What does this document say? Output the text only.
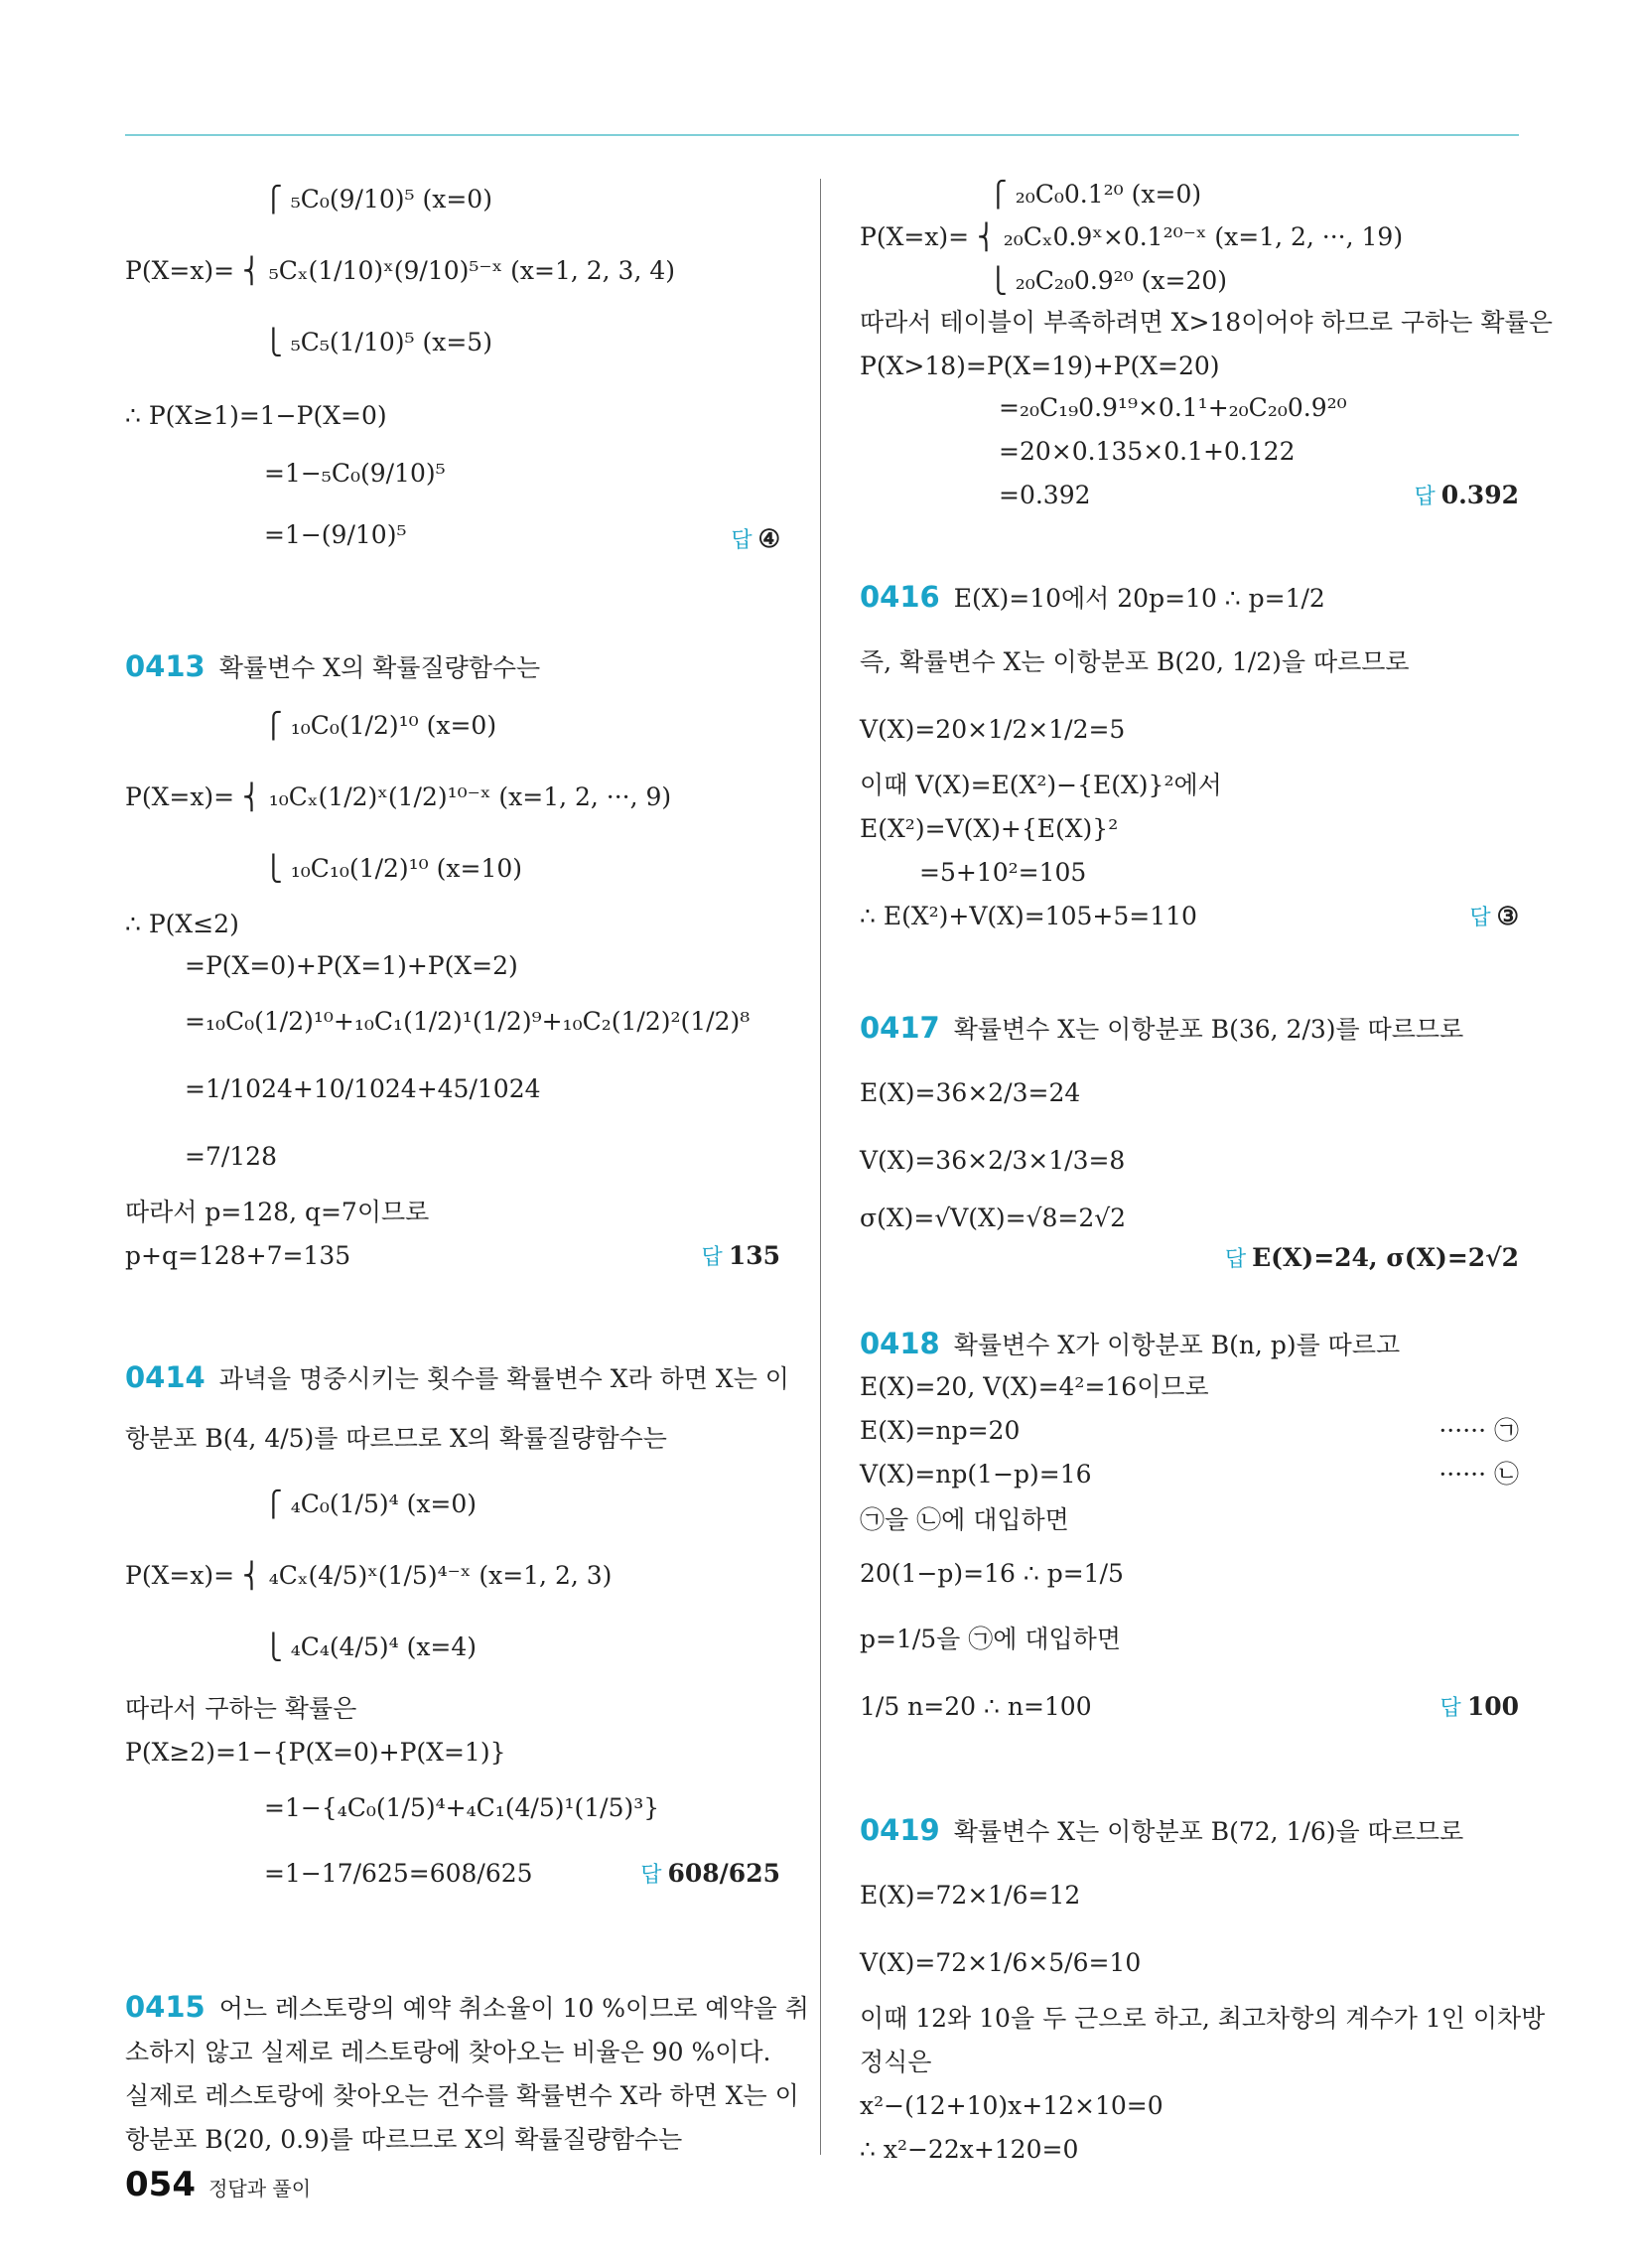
⎧ ₅C₀(9/10)⁵ (x=0)
P(X=x)= ⎨ ₅Cₓ(1/10)ˣ(9/10)⁵⁻ˣ (x=1, 2, 3, 4)
⎩ ₅C₅(1/10)⁵ (x=5)
∴ P(X≥1)=1−P(X=0)
=1−₅C₀(9/10)⁵
=1−(9/10)⁵
0413 확률변수 X의 확률질량함수는
⎧ ₁₀C₀(1/2)¹⁰ (x=0)
P(X=x)= ⎨ ₁₀Cₓ(1/2)ˣ(1/2)¹⁰⁻ˣ (x=1, 2, ···, 9)
⎩ ₁₀C₁₀(1/2)¹⁰ (x=10)
∴ P(X≤2)
=P(X=0)+P(X=1)+P(X=2)
=₁₀C₀(1/2)¹⁰+₁₀C₁(1/2)¹(1/2)⁹+₁₀C₂(1/2)²(1/2)⁸
=1/1024+10/1024+45/1024
=7/128
따라서 p=128, q=7이므로
p+q=128+7=135
0414 과녁을 명중시키는 횟수를 확률변수 X라 하면 X는 이
항분포 B(4, 4/5)를 따르므로 X의 확률질량함수는
⎧ ₄C₀(1/5)⁴ (x=0)
P(X=x)= ⎨ ₄Cₓ(4/5)ˣ(1/5)⁴⁻ˣ (x=1, 2, 3)
⎩ ₄C₄(4/5)⁴ (x=4)
따라서 구하는 확률은
P(X≥2)=1−{P(X=0)+P(X=1)}
=1−{₄C₀(1/5)⁴+₄C₁(4/5)¹(1/5)³}
=1−17/625=608/625
0415 어느 레스토랑의 예약 취소율이 10 %이므로 예약을 취
소하지 않고 실제로 레스토랑에 찾아오는 비율은 90 %이다.
실제로 레스토랑에 찾아오는 건수를 확률변수 X라 하면 X는 이
항분포 B(20, 0.9)를 따르므로 X의 확률질량함수는
답 ④
답 135
답 608/625
⎧ ₂₀C₀0.1²⁰ (x=0)
P(X=x)= ⎨ ₂₀Cₓ0.9ˣ×0.1²⁰⁻ˣ (x=1, 2, ···, 19)
⎩ ₂₀C₂₀0.9²⁰ (x=20)
따라서 테이블이 부족하려면 X>18이어야 하므로 구하는 확률은
P(X>18)=P(X=19)+P(X=20)
=₂₀C₁₉0.9¹⁹×0.1¹+₂₀C₂₀0.9²⁰
=20×0.135×0.1+0.122
=0.392
0416 E(X)=10에서 20p=10 ∴ p=1/2
즉, 확률변수 X는 이항분포 B(20, 1/2)을 따르므로
V(X)=20×1/2×1/2=5
이때 V(X)=E(X²)−{E(X)}²에서
E(X²)=V(X)+{E(X)}²
=5+10²=105
∴ E(X²)+V(X)=105+5=110
0417 확률변수 X는 이항분포 B(36, 2/3)를 따르므로
E(X)=36×2/3=24
V(X)=36×2/3×1/3=8
σ(X)=√V(X)=√8=2√2
0418 확률변수 X가 이항분포 B(n, p)를 따르고
E(X)=20, V(X)=4²=16이므로
E(X)=np=20
V(X)=np(1−p)=16
㉠을 ㉡에 대입하면
20(1−p)=16 ∴ p=1/5
p=1/5을 ㉠에 대입하면
1/5 n=20 ∴ n=100
0419 확률변수 X는 이항분포 B(72, 1/6)을 따르므로
E(X)=72×1/6=12
V(X)=72×1/6×5/6=10
이때 12와 10을 두 근으로 하고, 최고차항의 계수가 1인 이차방
정식은
x²−(12+10)x+12×10=0
∴ x²−22x+120=0
답 0.392
답 ③
답 E(X)=24, σ(X)=2√2
답 100
······ ㉠
······ ㉡
054 정답과 풀이
